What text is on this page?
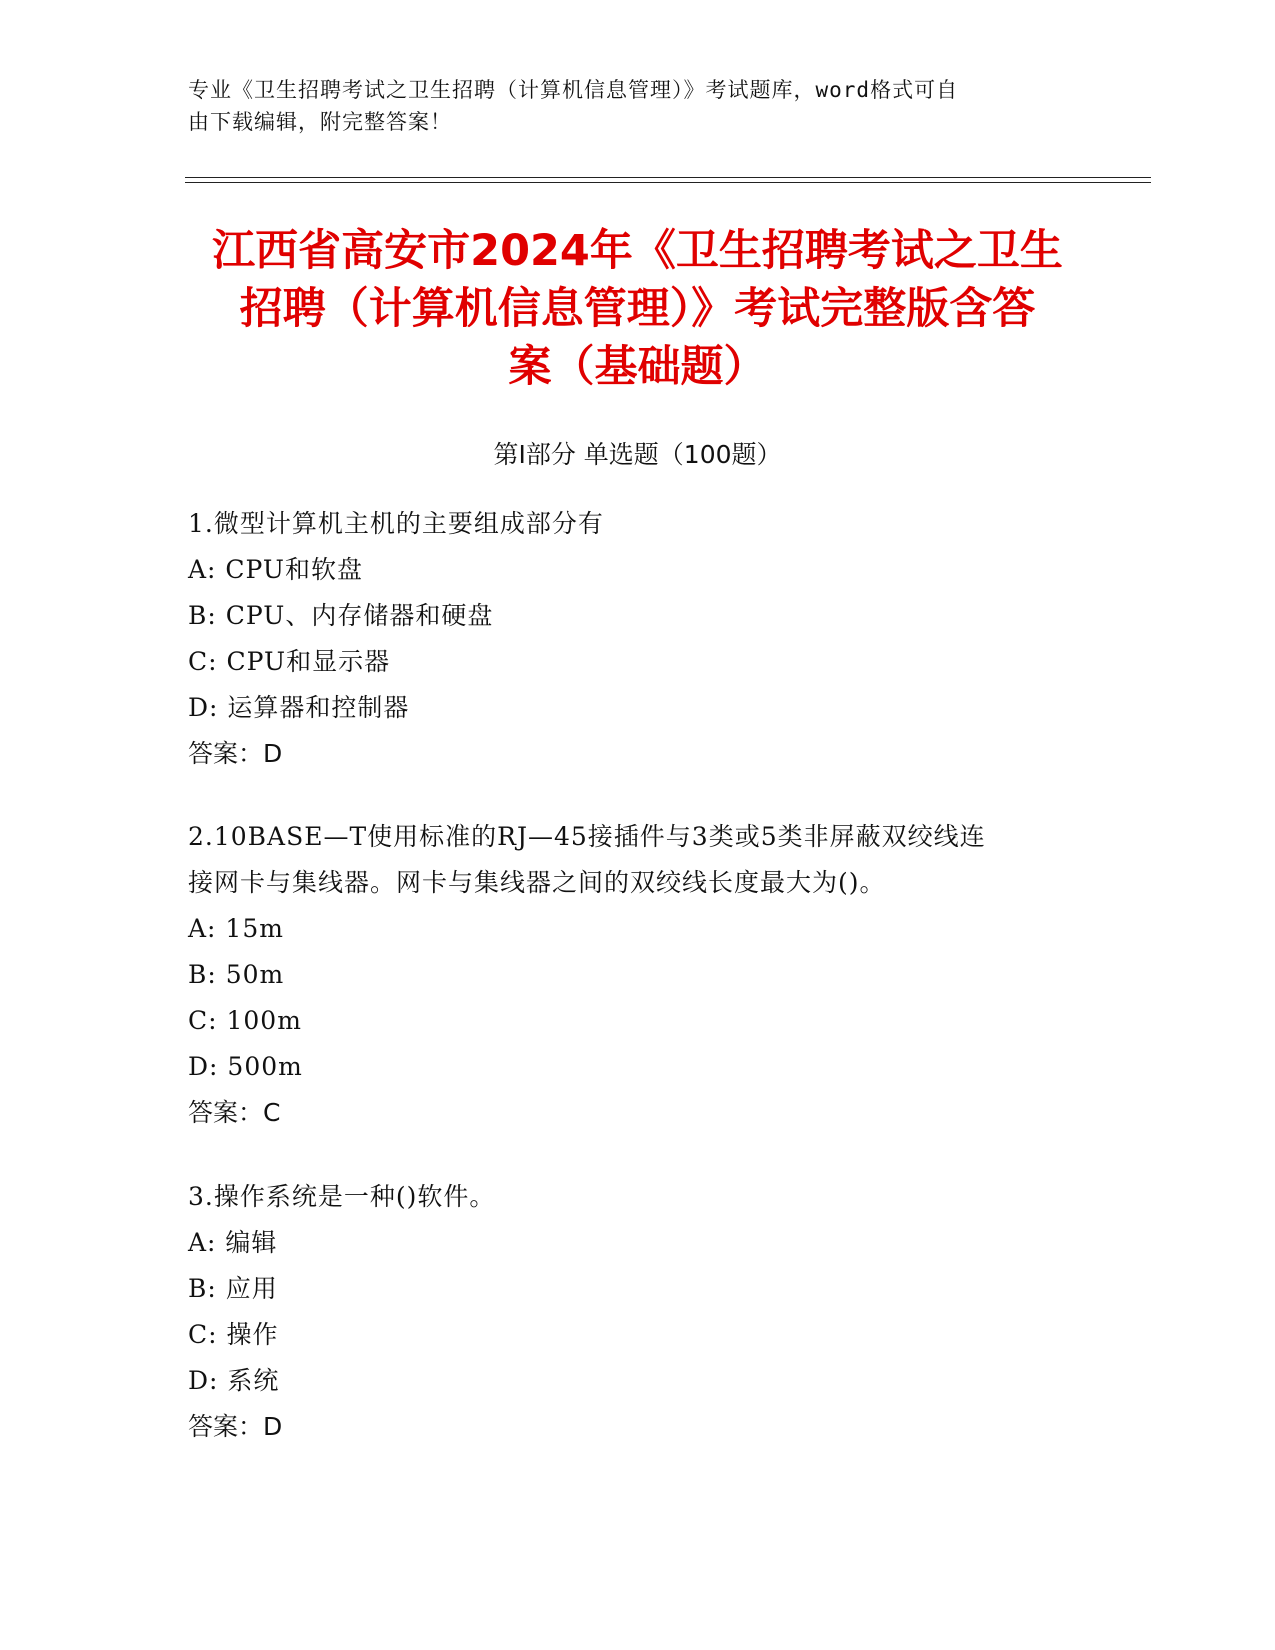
专业《卫生招聘考试之卫生招聘（计算机信息管理）》考试题库，word格式可自
由下载编辑，附完整答案！
江西省高安市2024年《卫生招聘考试之卫生
招聘（计算机信息管理）》考试完整版含答
案（基础题）
第Ⅰ部分 单选题（100题）

1.微型计算机主机的主要组成部分有

A: CPU和软盘

B: CPU、内存储器和硬盘

C: CPU和显示器

D: 运算器和控制器

答案：D

2.10BASE—T使用标准的RJ—45接插件与3类或5类非屏蔽双绞线连

接网卡与集线器。网卡与集线器之间的双绞线长度最大为()。

A: 15m

B: 50m

C: 100m

D: 500m

答案：C

3.操作系统是一种()软件。

A: 编辑

B: 应用

C: 操作

D: 系统

答案：D
